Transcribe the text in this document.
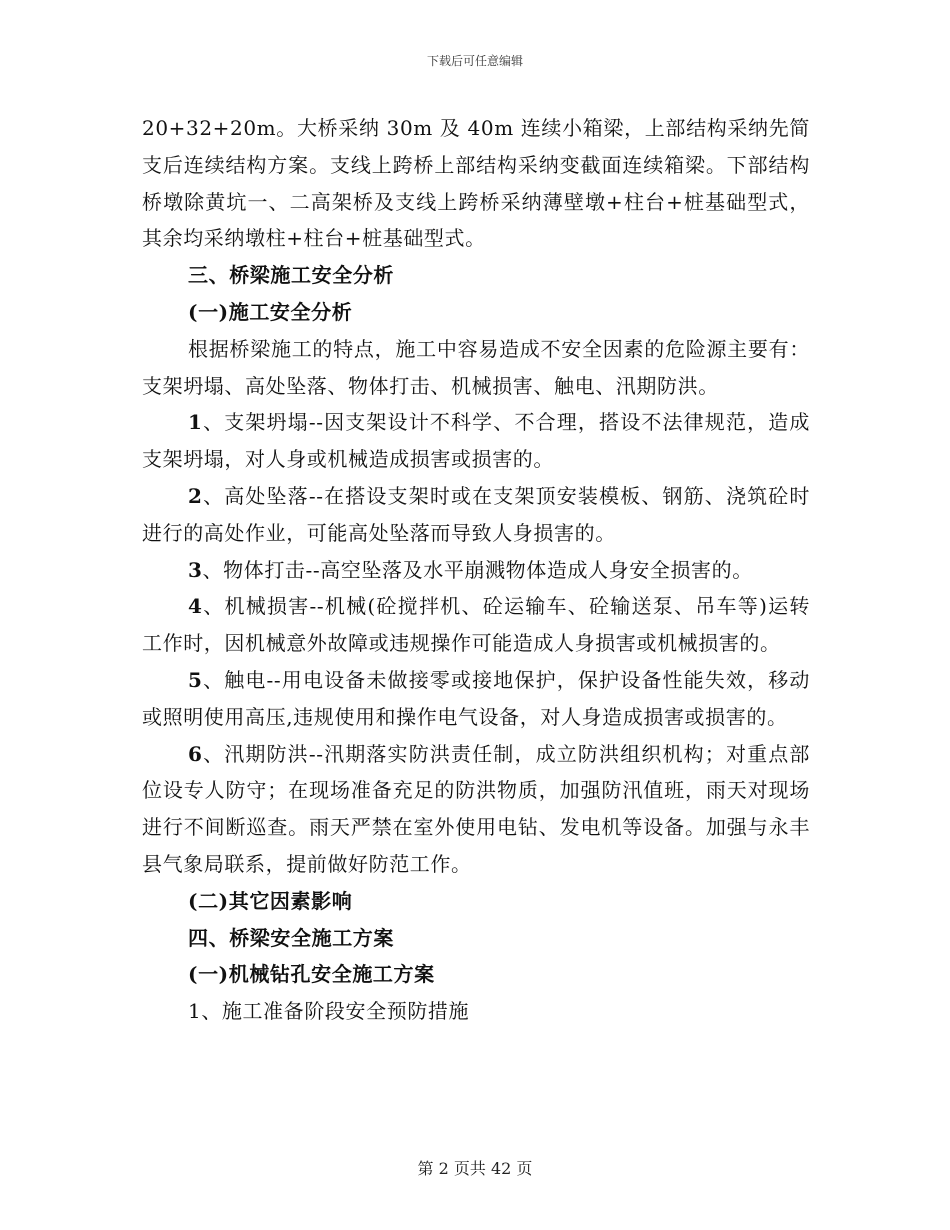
下载后可任意编辑

20+32+20m。大桥采纳 30m 及 40m 连续小箱梁，上部结构采纳先简支后连续结构方案。支线上跨桥上部结构采纳变截面连续箱梁。下部结构桥墩除黄坑一、二高架桥及支线上跨桥采纳薄壁墩+柱台+桩基础型式，其余均采纳墩柱+柱台+桩基础型式。

三、桥梁施工安全分析

(一)施工安全分析

根据桥梁施工的特点，施工中容易造成不安全因素的危险源主要有：支架坍塌、高处坠落、物体打击、机械损害、触电、汛期防洪。

1、支架坍塌--因支架设计不科学、不合理，搭设不法律规范，造成支架坍塌，对人身或机械造成损害或损害的。

2、高处坠落--在搭设支架时或在支架顶安装模板、钢筋、浇筑砼时进行的高处作业，可能高处坠落而导致人身损害的。

3、物体打击--高空坠落及水平崩溅物体造成人身安全损害的。

4、机械损害--机械(砼搅拌机、砼运输车、砼输送泵、吊车等)运转工作时，因机械意外故障或违规操作可能造成人身损害或机械损害的。

5、触电--用电设备未做接零或接地保护，保护设备性能失效，移动或照明使用高压,违规使用和操作电气设备，对人身造成损害或损害的。

6、汛期防洪--汛期落实防洪责任制，成立防洪组织机构；对重点部位设专人防守；在现场准备充足的防洪物质，加强防汛值班，雨天对现场进行不间断巡查。雨天严禁在室外使用电钻、发电机等设备。加强与永丰县气象局联系，提前做好防范工作。

(二)其它因素影响

四、桥梁安全施工方案

(一)机械钻孔安全施工方案

1、施工准备阶段安全预防措施

第 2 页共 42 页
